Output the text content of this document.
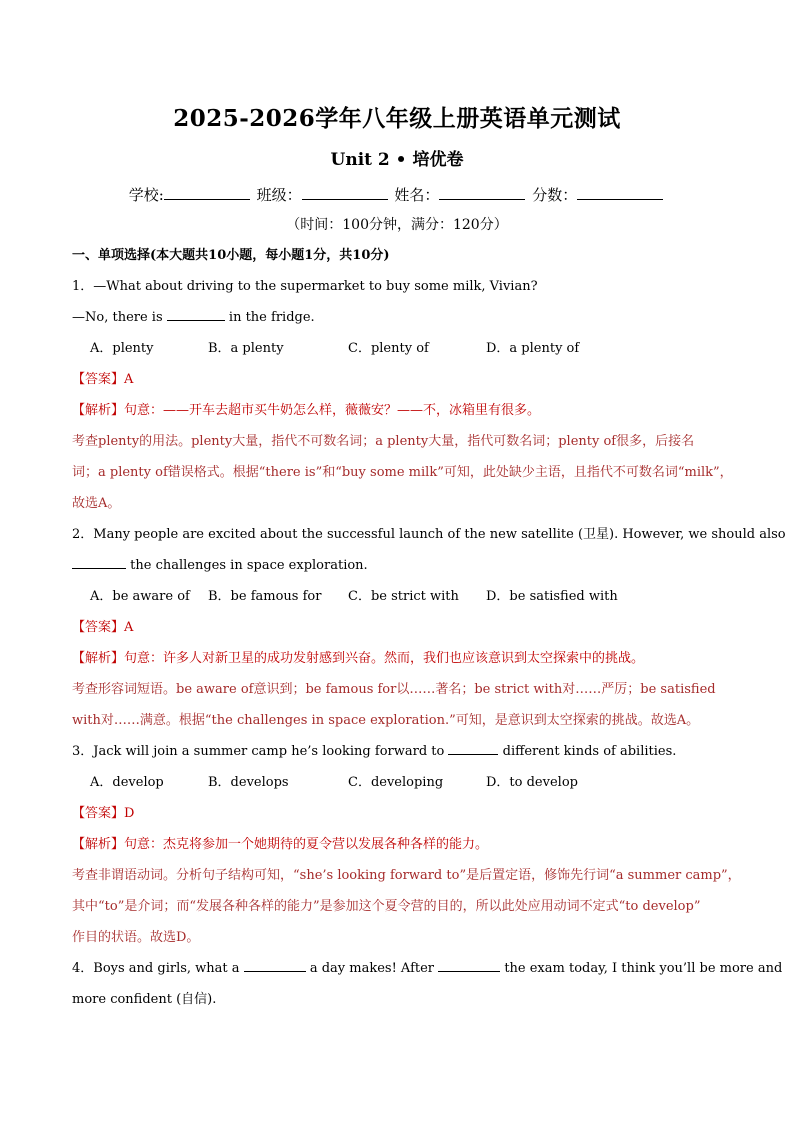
2025-2026学年八年级上册英语单元测试
Unit 2 • 培优卷
学校:	班级：	姓名：	分数：
（时间：100分钟，满分：120分）
一、单项选择(本大题共10小题，每小题1分，共10分)
1．—What about driving to the supermarket to buy some milk, Vivian?
—No, there is	in the fridge.
A．plenty	B．a plenty	C．plenty of	D．a plenty of
【答案】A
【解析】句意：——开车去超市买牛奶怎么样，薇薇安？——不，冰箱里有很多。
考查plenty的用法。plenty大量，指代不可数名词；a plenty大量，指代可数名词；plenty of很多，后接名
词；a plenty of错误格式。根据“there is”和“buy some milk”可知，此处缺少主语，且指代不可数名词“milk”，
故选A。
2．Many people are excited about the successful launch of the new satellite (卫星). However, we should also
the challenges in space exploration.
A．be aware of B．be famous for C．be strict with D．be satisfied with
【答案】A
【解析】句意：许多人对新卫星的成功发射感到兴奋。然而，我们也应该意识到太空探索中的挑战。
考查形容词短语。be aware of意识到；be famous for以……著名；be strict with对……严厉；be satisfied
with对……满意。根据“the challenges in space exploration.”可知，是意识到太空探索的挑战。故选A。
3．Jack will join a summer camp he’s looking forward to	different kinds of abilities.
A．develop	B．develops	C．developing	D．to develop
【答案】D
【解析】句意：杰克将参加一个她期待的夏令营以发展各种各样的能力。
考查非谓语动词。分析句子结构可知，“she’s looking forward to”是后置定语，修饰先行词“a summer camp”，
其中“to”是介词；而“发展各种各样的能力”是参加这个夏令营的目的，所以此处应用动词不定式“to develop”
作目的状语。故选D。
4．Boys and girls, what a	a day makes! After	the exam today, I think you’ll be more and
more confident (自信).
